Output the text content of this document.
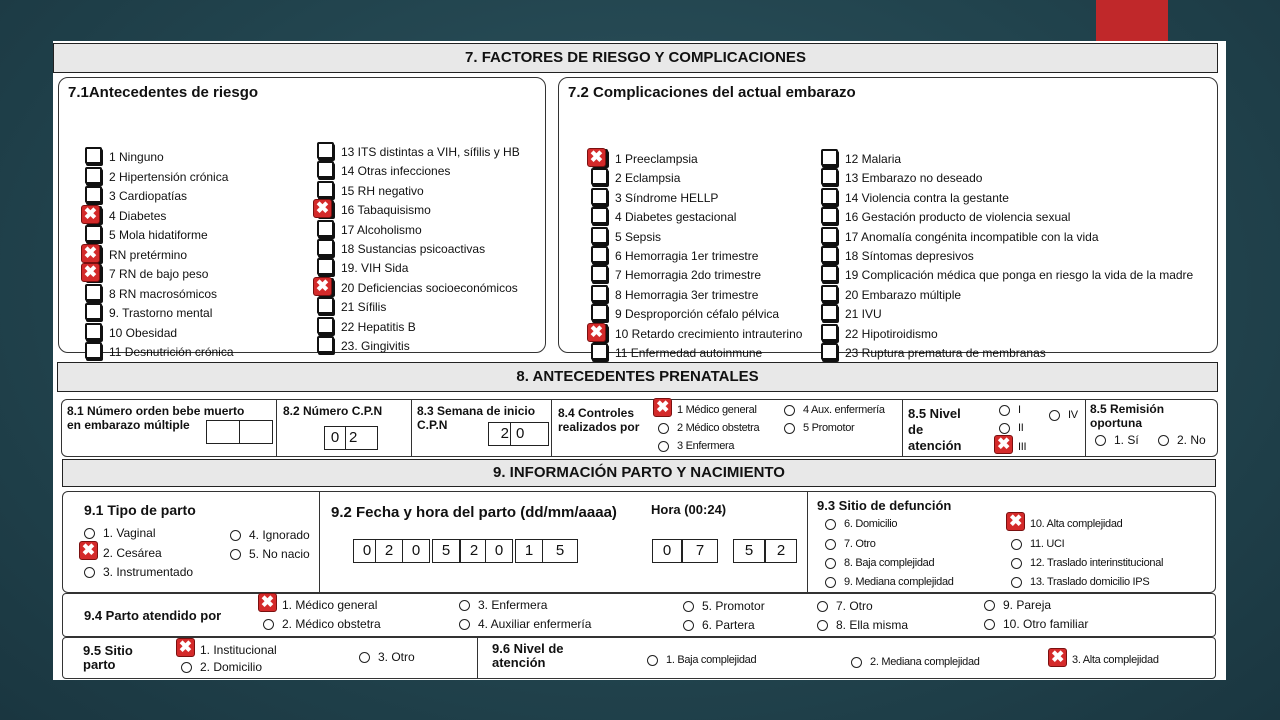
7. FACTORES DE RIESGO Y COMPLICACIONES
7.1Antecedentes de riesgo
1 Ninguno
2 Hipertensión crónica
3 Cardiopatías
4 Diabetes
✖
5 Mola hidatiforme
RN pretérmino
✖
7 RN de bajo peso
✖
8 RN macrosómicos
9. Trastorno mental
10 Obesidad
11 Desnutrición crónica
13 ITS distintas a VIH, sífilis y HB
14 Otras infecciones
15 RH negativo
16 Tabaquisismo
✖
17 Alcoholismo
18 Sustancias psicoactivas
19. VIH Sida
20 Deficiencias socioeconómicos
✖
21 Sífilis
22 Hepatitis B
23. Gingivitis
7.2 Complicaciones del actual embarazo
1 Preeclampsia
✖
2 Eclampsia
3 Síndrome HELLP
4 Diabetes gestacional
5 Sepsis
6 Hemorragia 1er trimestre
7 Hemorragia 2do trimestre
8 Hemorragia 3er trimestre
9 Desproporción céfalo pélvica
10 Retardo crecimiento intrauterino
✖
11 Enfermedad autoinmune
12 Malaria
13 Embarazo no deseado
14 Violencia contra la gestante
16 Gestación producto de violencia sexual
17 Anomalía congénita incompatible con la vida
18 Síntomas depresivos
19 Complicación médica que ponga en riesgo la vida de la madre
20 Embarazo múltiple
21 IVU
22 Hipotiroidismo
23 Ruptura prematura de membranas
8. ANTECEDENTES PRENATALES
8.1 Número orden bebe muerto en embarazo múltiple
8.2 Número C.P.N
0 2
8.3 Semana de inicio C.P.N	2 0
8.4 Controles realizados por
1 Médico general
✖
2 Médico obstetra
3 Enfermera
4 Aux. enfermería
5 Promotor
8.5 Nivel de atención
I
II
III
✖
IV 8.5 Remisión oportuna
1. Sí	2. No
9. INFORMACIÓN PARTO Y NACIMIENTO
9.1 Tipo de parto
1. Vaginal
2. Cesárea
✖
3. Instrumentado
4. Ignorado
5. No nacio
9.2 Fecha y hora del parto (dd/mm/aaaa)	Hora (00:24)
0 2	0	5	2	0	1	5	0	7	5	2
9.3 Sitio de defunción
6. Domicilio
7. Otro
8. Baja complejidad
9. Mediana complejidad
10. Alta complejidad
✖
11. UCI
12. Traslado interinstitucional
13. Traslado domicilio IPS
9.4 Parto atendido por
1. Médico general
✖
2. Médico obstetra
3. Enfermera
4. Auxiliar enfermería
5. Promotor
6. Partera
7. Otro
8. Ella misma
9. Pareja
10. Otro familiar
9.5 Sitio parto
1. Institucional
✖
2. Domicilio
3. Otro
9.6 Nivel de atención	1. Baja complejidad	2. Mediana complejidad	3. Alta complejidad
✖
